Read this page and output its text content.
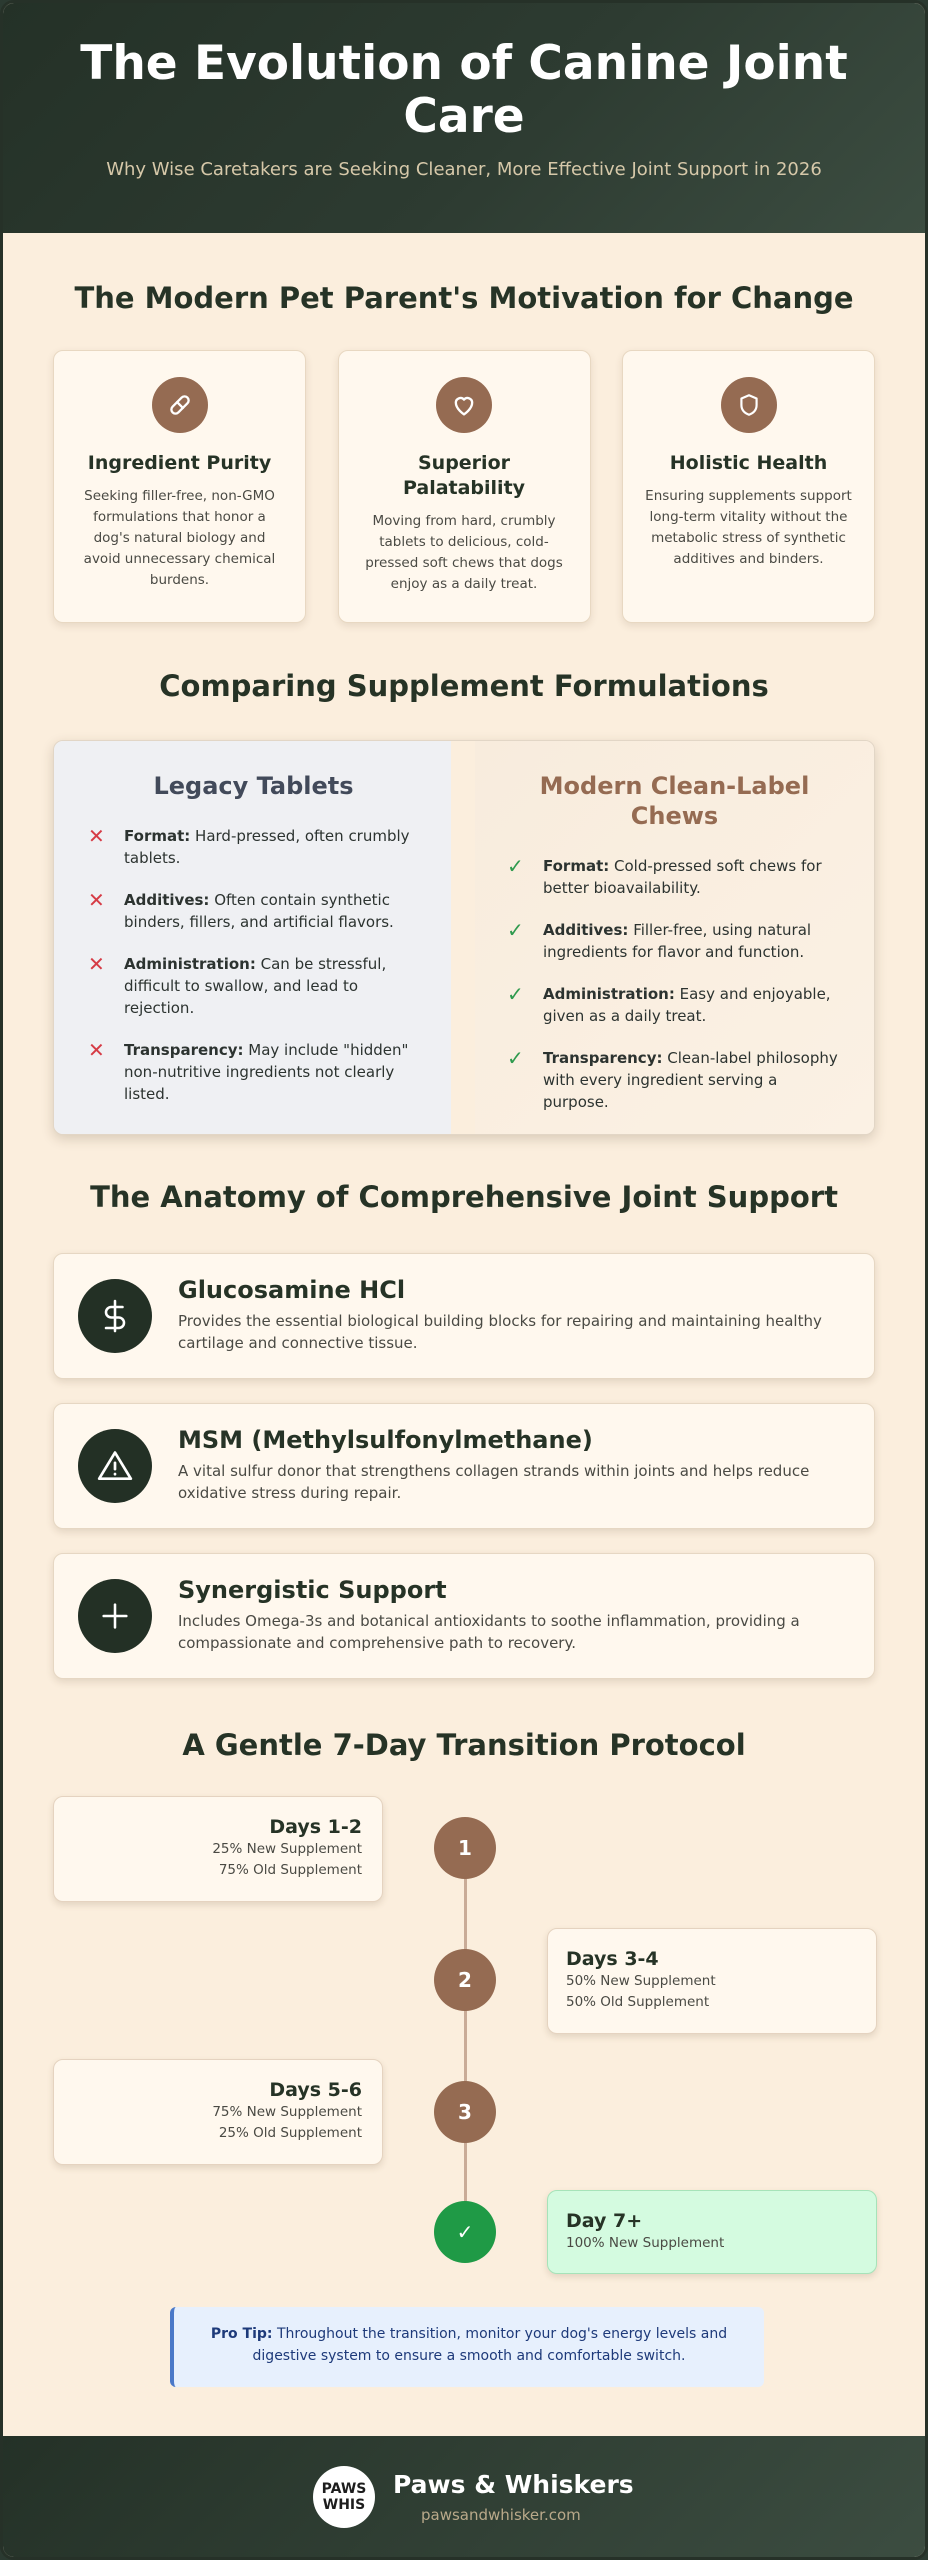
The Evolution of Canine Joint Care

Why Wise Caretakers are Seeking Cleaner, More Effective Joint Support in 2026

The Modern Pet Parent's Motivation for Change
Ingredient Purity

Seeking filler-free, non-GMO formulations that honor a dog's natural biology and avoid unnecessary chemical burdens.

Superior Palatability

Moving from hard, crumbly tablets to delicious, cold-pressed soft chews that dogs enjoy as a daily treat.

Holistic Health

Ensuring supplements support long-term vitality without the metabolic stress of synthetic additives and binders.

Comparing Supplement Formulations
Legacy Tablets
✕	Format: Hard-pressed, often crumbly tablets.
✕	Additives: Often contain synthetic binders, fillers, and artificial flavors.
✕	Administration: Can be stressful, difficult to swallow, and lead to rejection.
✕	Transparency: May include "hidden" non-nutritive ingredients not clearly listed.
Modern Clean-Label Chews
✓	Format: Cold-pressed soft chews for better bioavailability.
✓	Additives: Filler-free, using natural ingredients for flavor and function.
✓	Administration: Easy and enjoyable, given as a daily treat.
✓	Transparency: Clean-label philosophy with every ingredient serving a purpose.
The Anatomy of Comprehensive Joint Support
Glucosamine HCl

Provides the essential biological building blocks for repairing and maintaining healthy cartilage and connective tissue.

MSM (Methylsulfonylmethane)

A vital sulfur donor that strengthens collagen strands within joints and helps reduce oxidative stress during repair.

Synergistic Support

Includes Omega-3s and botanical antioxidants to soothe inflammation, providing a compassionate and comprehensive path to recovery.

A Gentle 7-Day Transition Protocol
1
Days 1-2
25% New Supplement
75% Old Supplement
2
Days 3-4
50% New Supplement
50% Old Supplement
3
Days 5-6
75% New Supplement
25% Old Supplement
✓	Day 7+
100% New Supplement
Pro Tip: Throughout the transition, monitor your dog's energy levels and digestive system to ensure a smooth and comfortable switch.
PAWS
WHIS
Paws & Whiskers
pawsandwhisker.com
